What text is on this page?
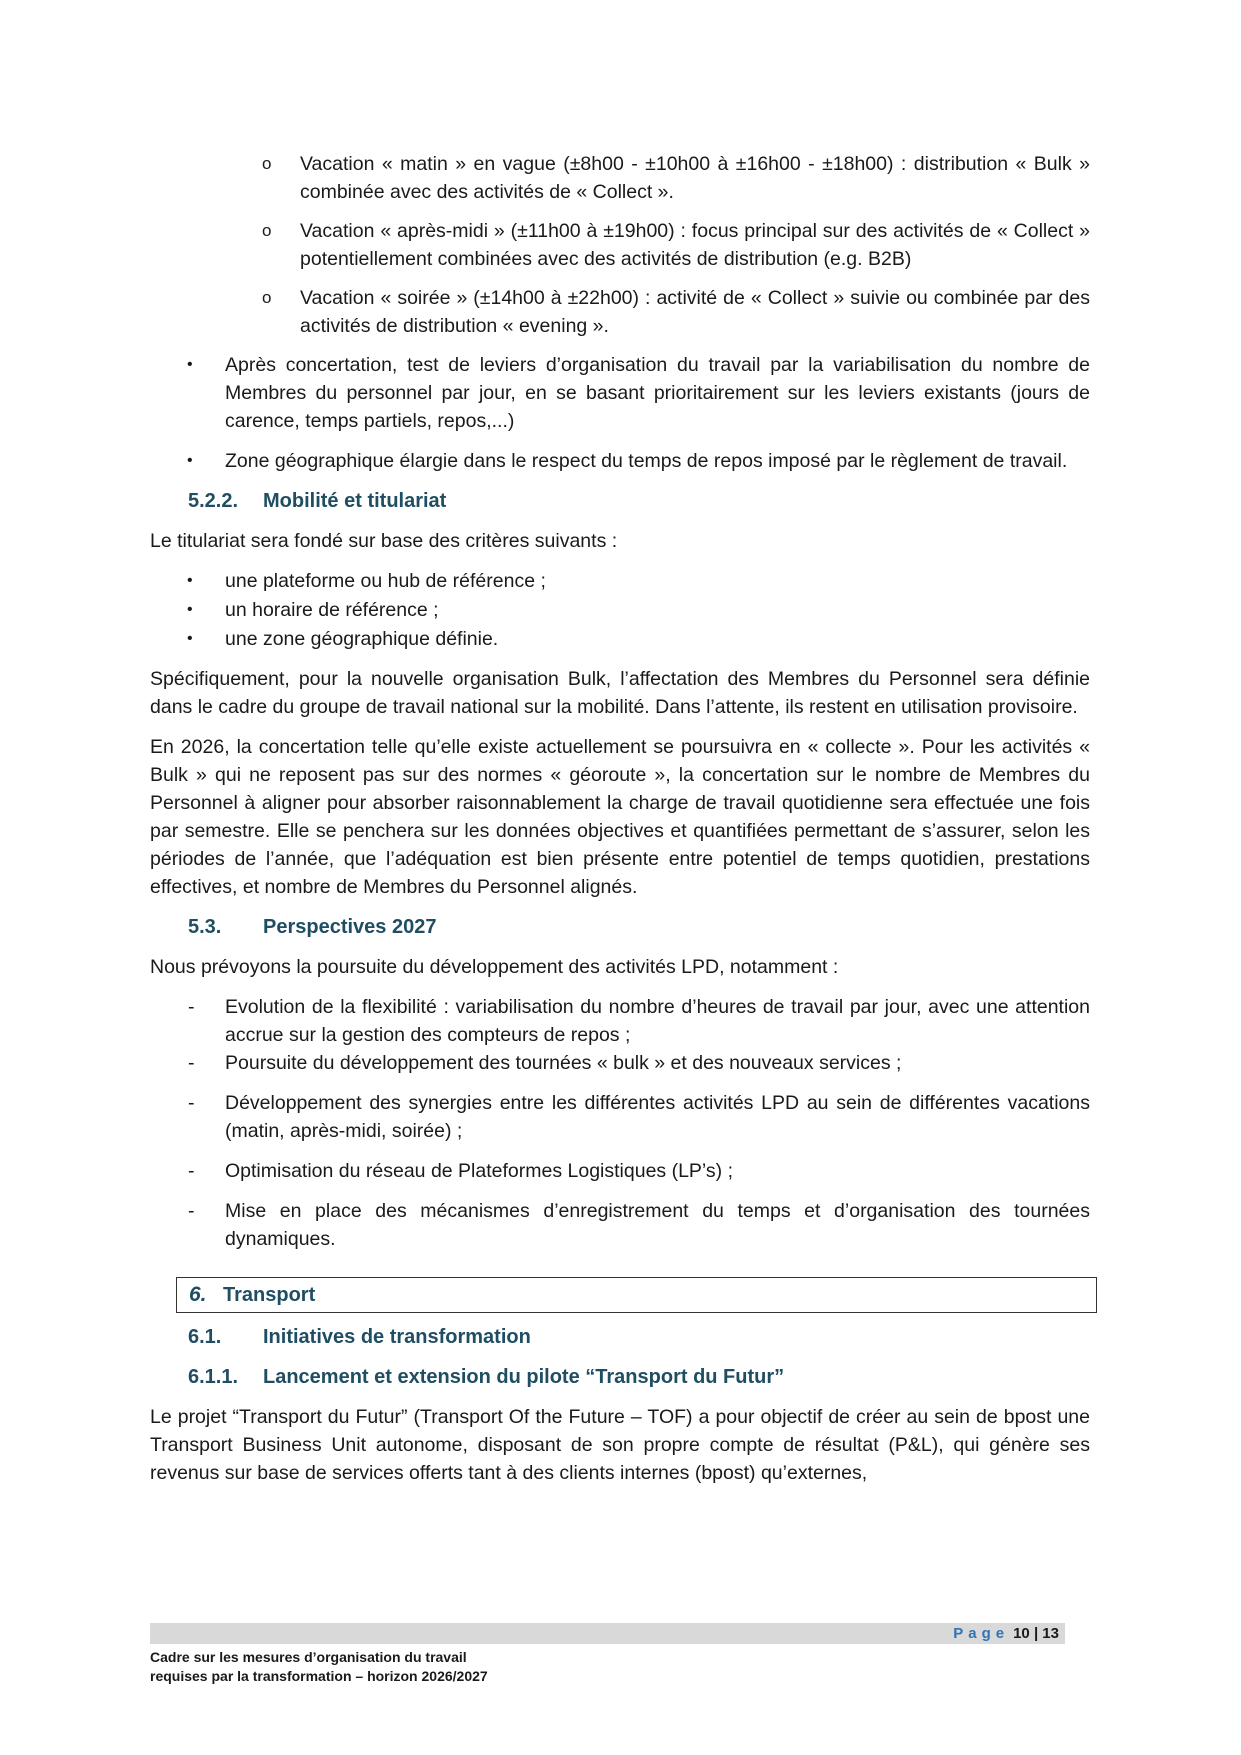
o Vacation « matin » en vague (±8h00 - ±10h00 à ±16h00 - ±18h00) : distribution « Bulk » combinée avec des activités de « Collect ».
o Vacation « après-midi » (±11h00 à ±19h00) : focus principal sur des activités de « Collect » potentiellement combinées avec des activités de distribution (e.g. B2B)
o Vacation « soirée » (±14h00 à ±22h00) : activité de « Collect » suivie ou combinée par des activités de distribution « evening ».
• Après concertation, test de leviers d’organisation du travail par la variabilisation du nombre de Membres du personnel par jour, en se basant prioritairement sur les leviers existants (jours de carence, temps partiels, repos,...)
• Zone géographique élargie dans le respect du temps de repos imposé par le règlement de travail.
5.2.2. Mobilité et titulariat

Le titulariat sera fondé sur base des critères suivants :

• une plateforme ou hub de référence ;
• un horaire de référence ;
• une zone géographique définie.

Spécifiquement, pour la nouvelle organisation Bulk, l’affectation des Membres du Personnel sera définie dans le cadre du groupe de travail national sur la mobilité. Dans l’attente, ils restent en utilisation provisoire.

En 2026, la concertation telle qu’elle existe actuellement se poursuivra en « collecte ». Pour les activités « Bulk » qui ne reposent pas sur des normes « géoroute », la concertation sur le nombre de Membres du Personnel à aligner pour absorber raisonnablement la charge de travail quotidienne sera effectuée une fois par semestre. Elle se penchera sur les données objectives et quantifiées permettant de s’assurer, selon les périodes de l’année, que l’adéquation est bien présente entre potentiel de temps quotidien, prestations effectives, et nombre de Membres du Personnel alignés.

5.3. Perspectives 2027

Nous prévoyons la poursuite du développement des activités LPD, notamment :

- Evolution de la flexibilité : variabilisation du nombre d’heures de travail par jour, avec une attention accrue sur la gestion des compteurs de repos ;
- Poursuite du développement des tournées « bulk » et des nouveaux services ;
- Développement des synergies entre les différentes activités LPD au sein de différentes vacations (matin, après-midi, soirée) ;
- Optimisation du réseau de Plateformes Logistiques (LP’s) ;
- Mise en place des mécanismes d’enregistrement du temps et d’organisation des tournées dynamiques.
6. Transport
6.1. Initiatives de transformation
6.1.1. Lancement et extension du pilote “Transport du Futur”

Le projet “Transport du Futur” (Transport Of the Future – TOF) a pour objectif de créer au sein de bpost une Transport Business Unit autonome, disposant de son propre compte de résultat (P&L), qui génère ses revenus sur base de services offerts tant à des clients internes (bpost) qu’externes,

Page 10 | 13
Cadre sur les mesures d’organisation du travail
requises par la transformation – horizon 2026/2027
